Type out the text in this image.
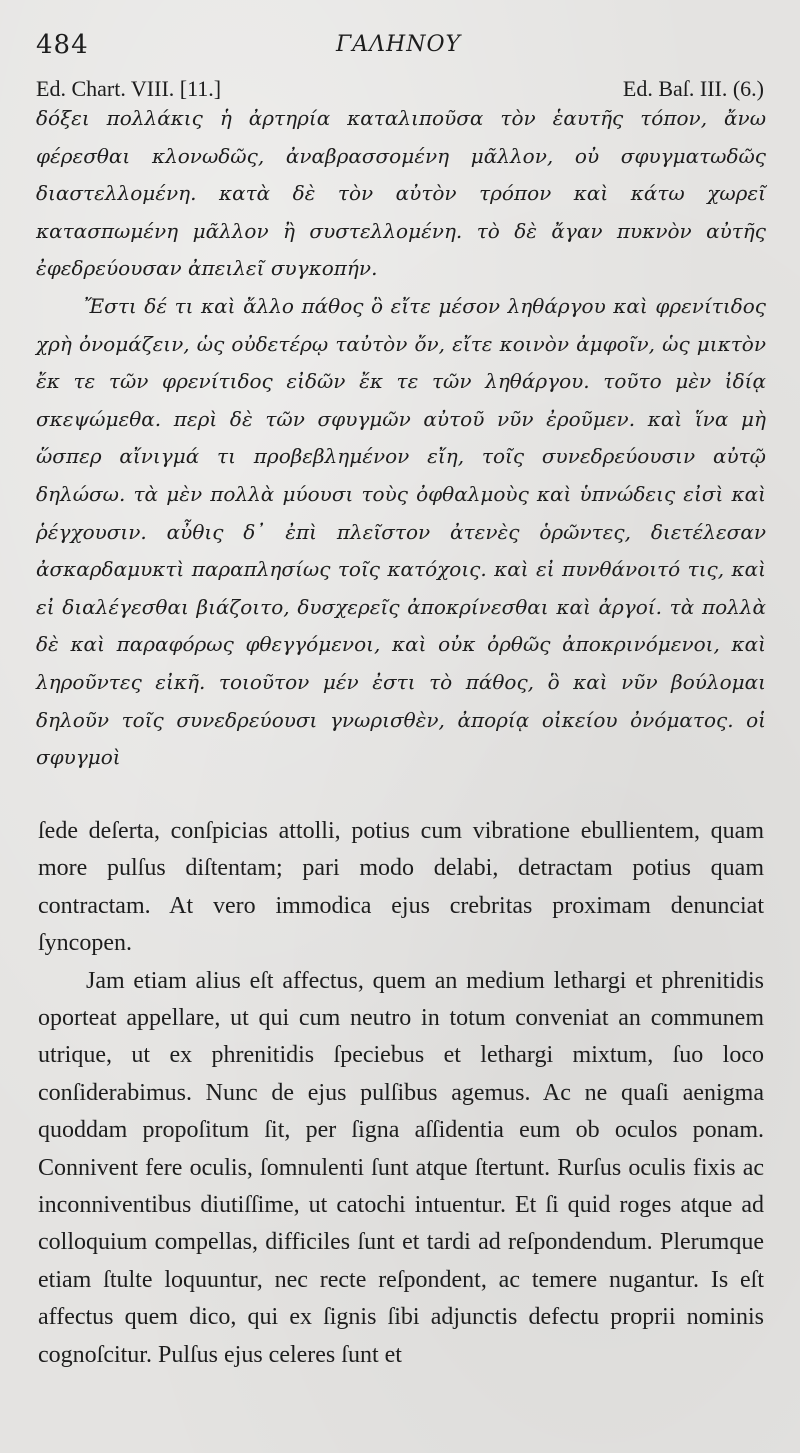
484	ΓΑΛΗΝΟΥ
Ed. Chart. VIII. [11.]	Ed. Baſ. III. (6.)

δόξει πολλάκις ἡ ἀρτηρία καταλιποῦσα τὸν ἑαυτῆς τόπον, ἄνω φέρεσθαι κλονωδῶς, ἀναβρασσομένη μᾶλλον, οὐ σφυγματωδῶς διαστελλομένη. κατὰ δὲ τὸν αὐτὸν τρόπον καὶ κάτω χωρεῖ κατασπωμένη μᾶλλον ἢ συστελλομένη. τὸ δὲ ἄγαν πυκνὸν αὐτῆς ἐφεδρεύουσαν ἀπειλεῖ συγκοπήν.

Ἔστι δέ τι καὶ ἄλλο πάθος ὃ εἴτε μέσον ληθάργου καὶ φρενίτιδος χρὴ ὀνομάζειν, ὡς οὐδετέρῳ ταὐτὸν ὄν, εἴτε κοινὸν ἀμφοῖν, ὡς μικτὸν ἔκ τε τῶν φρενίτιδος εἰδῶν ἔκ τε τῶν ληθάργου. τοῦτο μὲν ἰδίᾳ σκεψώμεθα. περὶ δὲ τῶν σφυγμῶν αὐτοῦ νῦν ἐροῦμεν. καὶ ἵνα μὴ ὥσπερ αἴνιγμά τι προβεβλημένον εἴη, τοῖς συνεδρεύουσιν αὐτῷ δηλώσω. τὰ μὲν πολλὰ μύουσι τοὺς ὀφθαλμοὺς καὶ ὑπνώδεις εἰσὶ καὶ ῥέγχουσιν. αὖθις δ᾽ ἐπὶ πλεῖστον ἀτενὲς ὁρῶντες, διετέλεσαν ἀσκαρδαμυκτὶ παραπλησίως τοῖς κατόχοις. καὶ εἰ πυνθάνοιτό τις, καὶ εἰ διαλέγεσθαι βιάζοιτο, δυσχερεῖς ἀποκρίνεσθαι καὶ ἀργοί. τὰ πολλὰ δὲ καὶ παραφόρως φθεγγόμενοι, καὶ οὐκ ὀρθῶς ἀποκρινόμενοι, καὶ ληροῦντες εἰκῆ. τοιοῦτον μέν ἐστι τὸ πάθος, ὃ καὶ νῦν βούλομαι δηλοῦν τοῖς συνεδρεύουσι γνωρισθὲν, ἀπορίᾳ οἰκείου ὀνόματος. οἱ σφυγμοὶ

ſede deſerta, conſpicias attolli, potius cum vibratione ebullientem, quam more pulſus diſtentam; pari modo delabi, detractam potius quam contractam. At vero immodica ejus crebritas proximam denunciat ſyncopen.

Jam etiam alius eſt affectus, quem an medium lethargi et phrenitidis oporteat appellare, ut qui cum neutro in totum conveniat an communem utrique, ut ex phrenitidis ſpeciebus et lethargi mixtum, ſuo loco conſiderabimus. Nunc de ejus pulſibus agemus. Ac ne quaſi aenigma quoddam propoſitum ſit, per ſigna aſſidentia eum ob oculos ponam. Connivent fere oculis, ſomnulenti ſunt atque ſtertunt. Rurſus oculis fixis ac inconniventibus diutiſſime, ut catochi intuentur. Et ſi quid roges atque ad colloquium compellas, difficiles ſunt et tardi ad reſpondendum. Plerumque etiam ſtulte loquuntur, nec recte reſpondent, ac temere nugantur. Is eſt affectus quem dico, qui ex ſignis ſibi adjunctis defectu proprii nominis cognoſcitur. Pulſus ejus celeres ſunt et
